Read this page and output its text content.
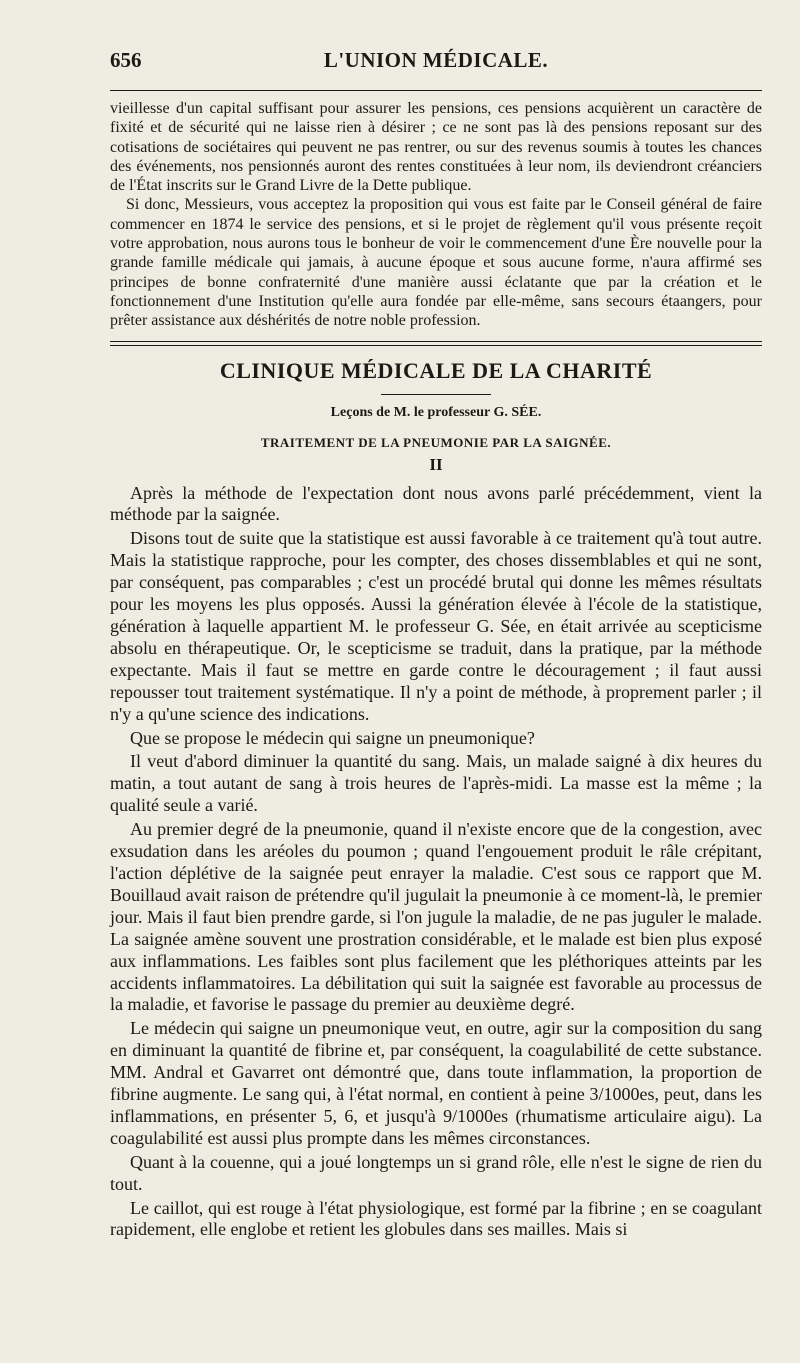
656	L'UNION MÉDICALE.

vieillesse d'un capital suffisant pour assurer les pensions, ces pensions acquièrent un caractère de fixité et de sécurité qui ne laisse rien à désirer ; ce ne sont pas là des pensions reposant sur des cotisations de sociétaires qui peuvent ne pas rentrer, ou sur des revenus soumis à toutes les chances des événements, nos pensionnés auront des rentes constituées à leur nom, ils deviendront créanciers de l'État inscrits sur le Grand Livre de la Dette publique.

Si donc, Messieurs, vous acceptez la proposition qui vous est faite par le Conseil général de faire commencer en 1874 le service des pensions, et si le projet de règlement qu'il vous présente reçoit votre approbation, nous aurons tous le bonheur de voir le commencement d'une Ère nouvelle pour la grande famille médicale qui jamais, à aucune époque et sous aucune forme, n'aura affirmé ses principes de bonne confraternité d'une manière aussi éclatante que par la création et le fonctionnement d'une Institution qu'elle aura fondée par elle-même, sans secours étaangers, pour prêter assistance aux déshérités de notre noble profession.

CLINIQUE MÉDICALE DE LA CHARITÉ
Leçons de M. le professeur G. SÉE.
TRAITEMENT DE LA PNEUMONIE PAR LA SAIGNÉE.
II

Après la méthode de l'expectation dont nous avons parlé précédemment, vient la méthode par la saignée.

Disons tout de suite que la statistique est aussi favorable à ce traitement qu'à tout autre. Mais la statistique rapproche, pour les compter, des choses dissemblables et qui ne sont, par conséquent, pas comparables ; c'est un procédé brutal qui donne les mêmes résultats pour les moyens les plus opposés. Aussi la génération élevée à l'école de la statistique, génération à laquelle appartient M. le professeur G. Sée, en était arrivée au scepticisme absolu en thérapeutique. Or, le scepticisme se traduit, dans la pratique, par la méthode expectante. Mais il faut se mettre en garde contre le découragement ; il faut aussi repousser tout traitement systématique. Il n'y a point de méthode, à proprement parler ; il n'y a qu'une science des indications.

Que se propose le médecin qui saigne un pneumonique?

Il veut d'abord diminuer la quantité du sang. Mais, un malade saigné à dix heures du matin, a tout autant de sang à trois heures de l'après-midi. La masse est la même ; la qualité seule a varié.

Au premier degré de la pneumonie, quand il n'existe encore que de la congestion, avec exsudation dans les aréoles du poumon ; quand l'engouement produit le râle crépitant, l'action déplétive de la saignée peut enrayer la maladie. C'est sous ce rapport que M. Bouillaud avait raison de prétendre qu'il jugulait la pneumonie à ce moment-là, le premier jour. Mais il faut bien prendre garde, si l'on jugule la maladie, de ne pas juguler le malade. La saignée amène souvent une prostration considérable, et le malade est bien plus exposé aux inflammations. Les faibles sont plus facilement que les pléthoriques atteints par les accidents inflammatoires. La débilitation qui suit la saignée est favorable au processus de la maladie, et favorise le passage du premier au deuxième degré.

Le médecin qui saigne un pneumonique veut, en outre, agir sur la composition du sang en diminuant la quantité de fibrine et, par conséquent, la coagulabilité de cette substance. MM. Andral et Gavarret ont démontré que, dans toute inflammation, la proportion de fibrine augmente. Le sang qui, à l'état normal, en contient à peine 3/1000es, peut, dans les inflammations, en présenter 5, 6, et jusqu'à 9/1000es (rhumatisme articulaire aigu). La coagulabilité est aussi plus prompte dans les mêmes circonstances.

Quant à la couenne, qui a joué longtemps un si grand rôle, elle n'est le signe de rien du tout.

Le caillot, qui est rouge à l'état physiologique, est formé par la fibrine ; en se coagulant rapidement, elle englobe et retient les globules dans ses mailles. Mais si
